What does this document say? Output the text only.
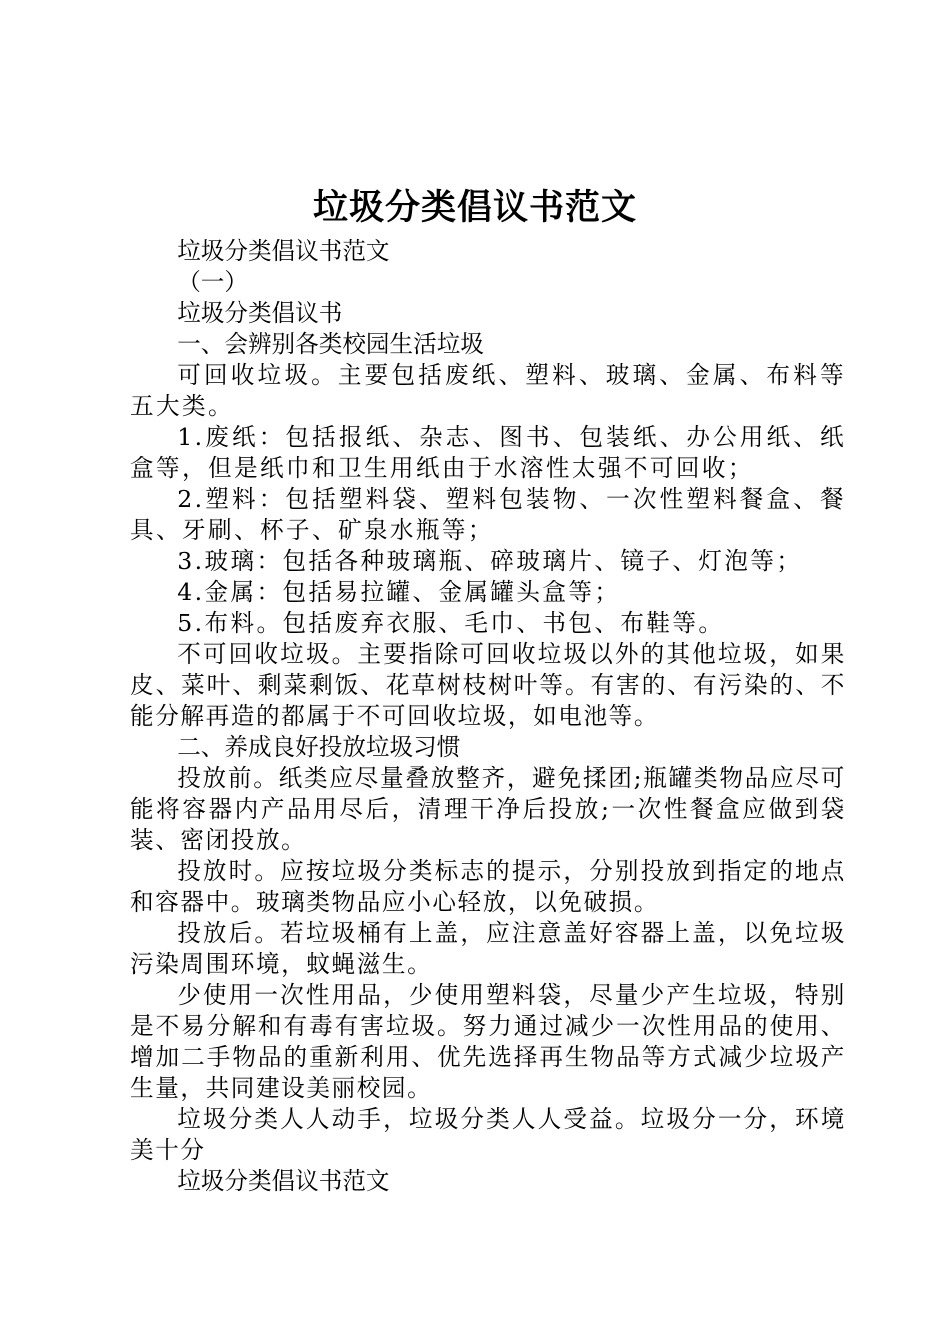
垃圾分类倡议书范文

垃圾分类倡议书范文

（一）

垃圾分类倡议书

一、会辨别各类校园生活垃圾

可回收垃圾。主要包括废纸、塑料、玻璃、金属、布料等五大类。

1.废纸：包括报纸、杂志、图书、包装纸、办公用纸、纸盒等，但是纸巾和卫生用纸由于水溶性太强不可回收；

2.塑料：包括塑料袋、塑料包装物、一次性塑料餐盒、餐具、牙刷、杯子、矿泉水瓶等；

3.玻璃：包括各种玻璃瓶、碎玻璃片、镜子、灯泡等；

4.金属：包括易拉罐、金属罐头盒等；

5.布料。包括废弃衣服、毛巾、书包、布鞋等。

不可回收垃圾。主要指除可回收垃圾以外的其他垃圾，如果皮、菜叶、剩菜剩饭、花草树枝树叶等。有害的、有污染的、不能分解再造的都属于不可回收垃圾，如电池等。

二、养成良好投放垃圾习惯

投放前。纸类应尽量叠放整齐，避免揉团;瓶罐类物品应尽可能将容器内产品用尽后，清理干净后投放;一次性餐盒应做到袋装、密闭投放。

投放时。应按垃圾分类标志的提示，分别投放到指定的地点和容器中。玻璃类物品应小心轻放，以免破损。

投放后。若垃圾桶有上盖，应注意盖好容器上盖，以免垃圾污染周围环境，蚊蝇滋生。

少使用一次性用品，少使用塑料袋，尽量少产生垃圾，特别是不易分解和有毒有害垃圾。努力通过减少一次性用品的使用、增加二手物品的重新利用、优先选择再生物品等方式减少垃圾产生量，共同建设美丽校园。

垃圾分类人人动手，垃圾分类人人受益。垃圾分一分，环境美十分

垃圾分类倡议书范文
